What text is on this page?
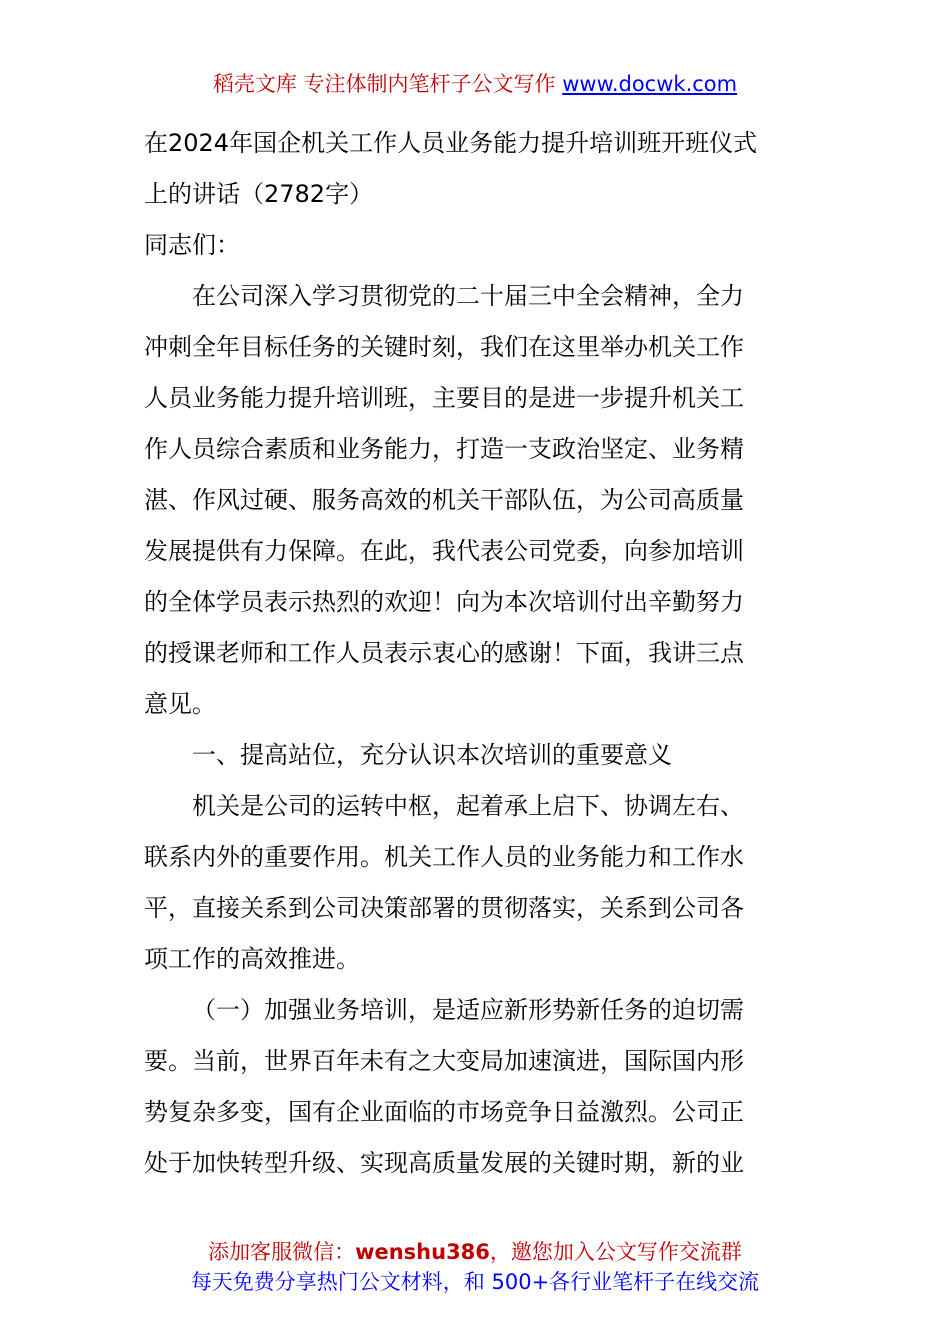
稻壳文库 专注体制内笔杆子公文写作 www.docwk.com
在2024年国企机关工作人员业务能力提升培训班开班仪式
上的讲话（2782字）
同志们：
在公司深入学习贯彻党的二十届三中全会精神，全力
冲刺全年目标任务的关键时刻，我们在这里举办机关工作
人员业务能力提升培训班，主要目的是进一步提升机关工
作人员综合素质和业务能力，打造一支政治坚定、业务精
湛、作风过硬、服务高效的机关干部队伍，为公司高质量
发展提供有力保障。在此，我代表公司党委，向参加培训
的全体学员表示热烈的欢迎！向为本次培训付出辛勤努力
的授课老师和工作人员表示衷心的感谢！下面，我讲三点
意见。
一、提高站位，充分认识本次培训的重要意义
机关是公司的运转中枢，起着承上启下、协调左右、
联系内外的重要作用。机关工作人员的业务能力和工作水
平，直接关系到公司决策部署的贯彻落实，关系到公司各
项工作的高效推进。
（一）加强业务培训，是适应新形势新任务的迫切需
要。当前，世界百年未有之大变局加速演进，国际国内形
势复杂多变，国有企业面临的市场竞争日益激烈。公司正
处于加快转型升级、实现高质量发展的关键时期，新的业
添加客服微信：wenshu386，邀您加入公文写作交流群
每天免费分享热门公文材料，和 500+各行业笔杆子在线交流
